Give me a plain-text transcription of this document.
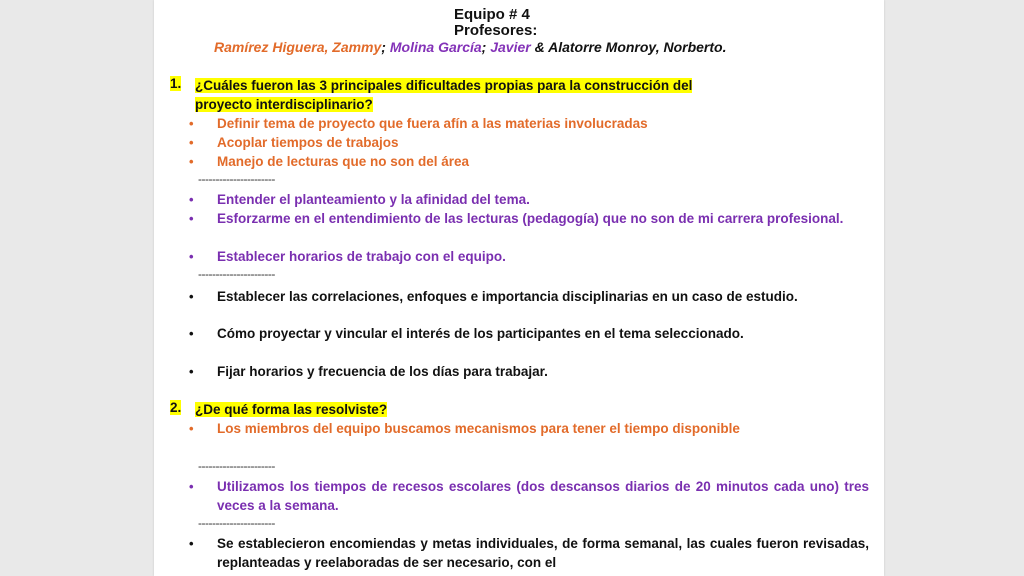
Equipo # 4
Profesores:
Ramírez Higuera, Zammy; Molina García; Javier & Alatorre Monroy, Norberto.
1. ¿Cuáles fueron las 3 principales dificultades propias para la construcción del
proyecto interdisciplinario?
•	Definir tema de proyecto que fuera afín a las materias involucradas
•	Acoplar tiempos de trabajos
•	Manejo de lecturas que no son del área
----------------------
•	Entender el planteamiento y la afinidad del tema.
•	Esforzarme en el entendimiento de las lecturas (pedagogía) que no son de mi carrera profesional.
•	Establecer horarios de trabajo con el equipo.
----------------------
•	Establecer las correlaciones, enfoques e importancia disciplinarias en un caso de estudio.
•	Cómo proyectar y vincular el interés de los participantes en el tema seleccionado.
•	Fijar horarios y frecuencia de los días para trabajar.
2. ¿De qué forma las resolviste?
•	Los miembros del equipo buscamos mecanismos para tener el tiempo disponible
----------------------
•	Utilizamos los tiempos de recesos escolares (dos descansos diarios de 20 minutos cada uno) tres veces a la semana.
----------------------
•	Se establecieron encomiendas y metas individuales, de forma semanal, las cuales fueron revisadas, replanteadas y reelaboradas de ser necesario, con el
